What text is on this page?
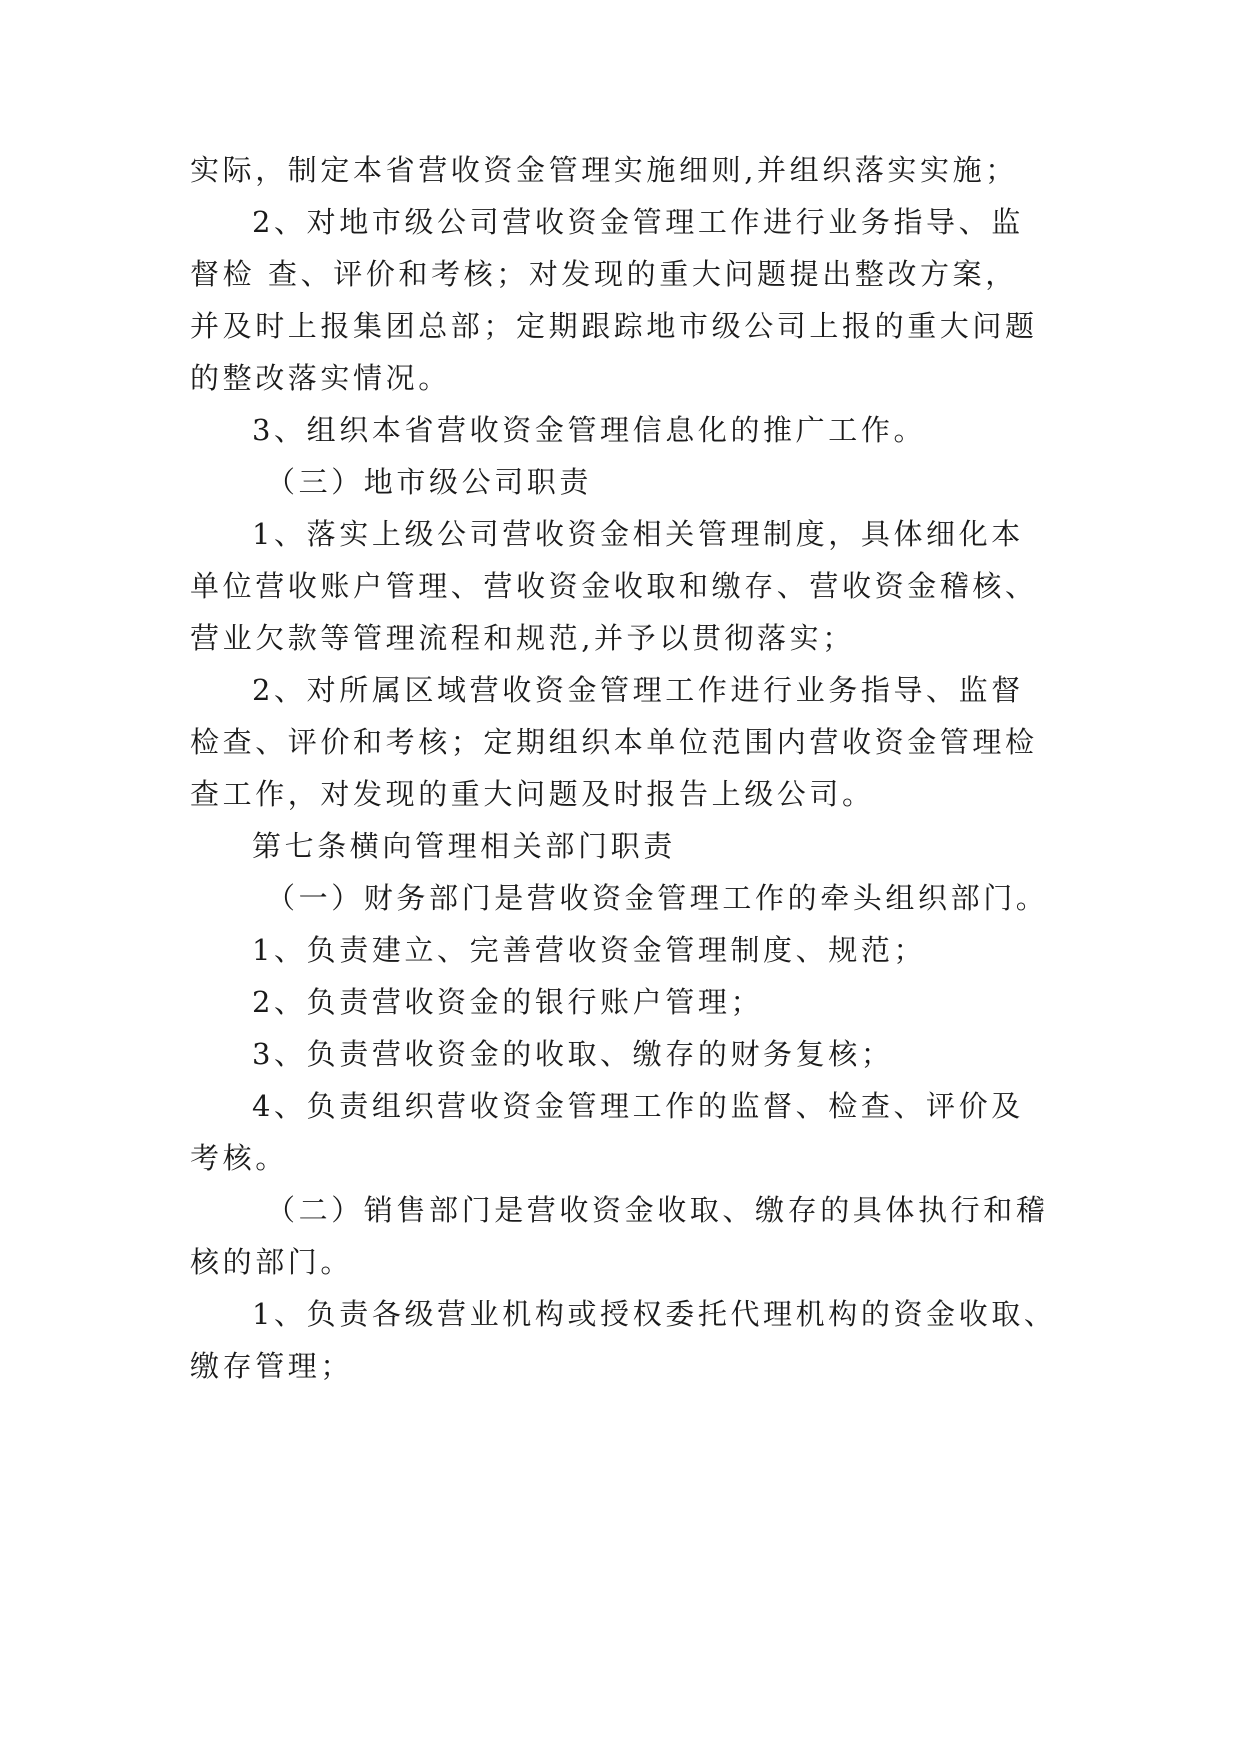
实际，制定本省营收资金管理实施细则,并组织落实实施；
2、对地市级公司营收资金管理工作进行业务指导、监
督检 查、评价和考核；对发现的重大问题提出整改方案，
并及时上报集团总部；定期跟踪地市级公司上报的重大问题
的整改落实情况。
3、组织本省营收资金管理信息化的推广工作。
（三）地市级公司职责
1、落实上级公司营收资金相关管理制度，具体细化本
单位营收账户管理、营收资金收取和缴存、营收资金稽核、
营业欠款等管理流程和规范,并予以贯彻落实；
2、对所属区域营收资金管理工作进行业务指导、监督
检查、评价和考核；定期组织本单位范围内营收资金管理检
查工作，对发现的重大问题及时报告上级公司。
第七条横向管理相关部门职责
（一）财务部门是营收资金管理工作的牵头组织部门。
1、负责建立、完善营收资金管理制度、规范；
2、负责营收资金的银行账户管理；
3、负责营收资金的收取、缴存的财务复核；
4、负责组织营收资金管理工作的监督、检查、评价及
考核。
（二）销售部门是营收资金收取、缴存的具体执行和稽
核的部门。
1、负责各级营业机构或授权委托代理机构的资金收取、
缴存管理；
